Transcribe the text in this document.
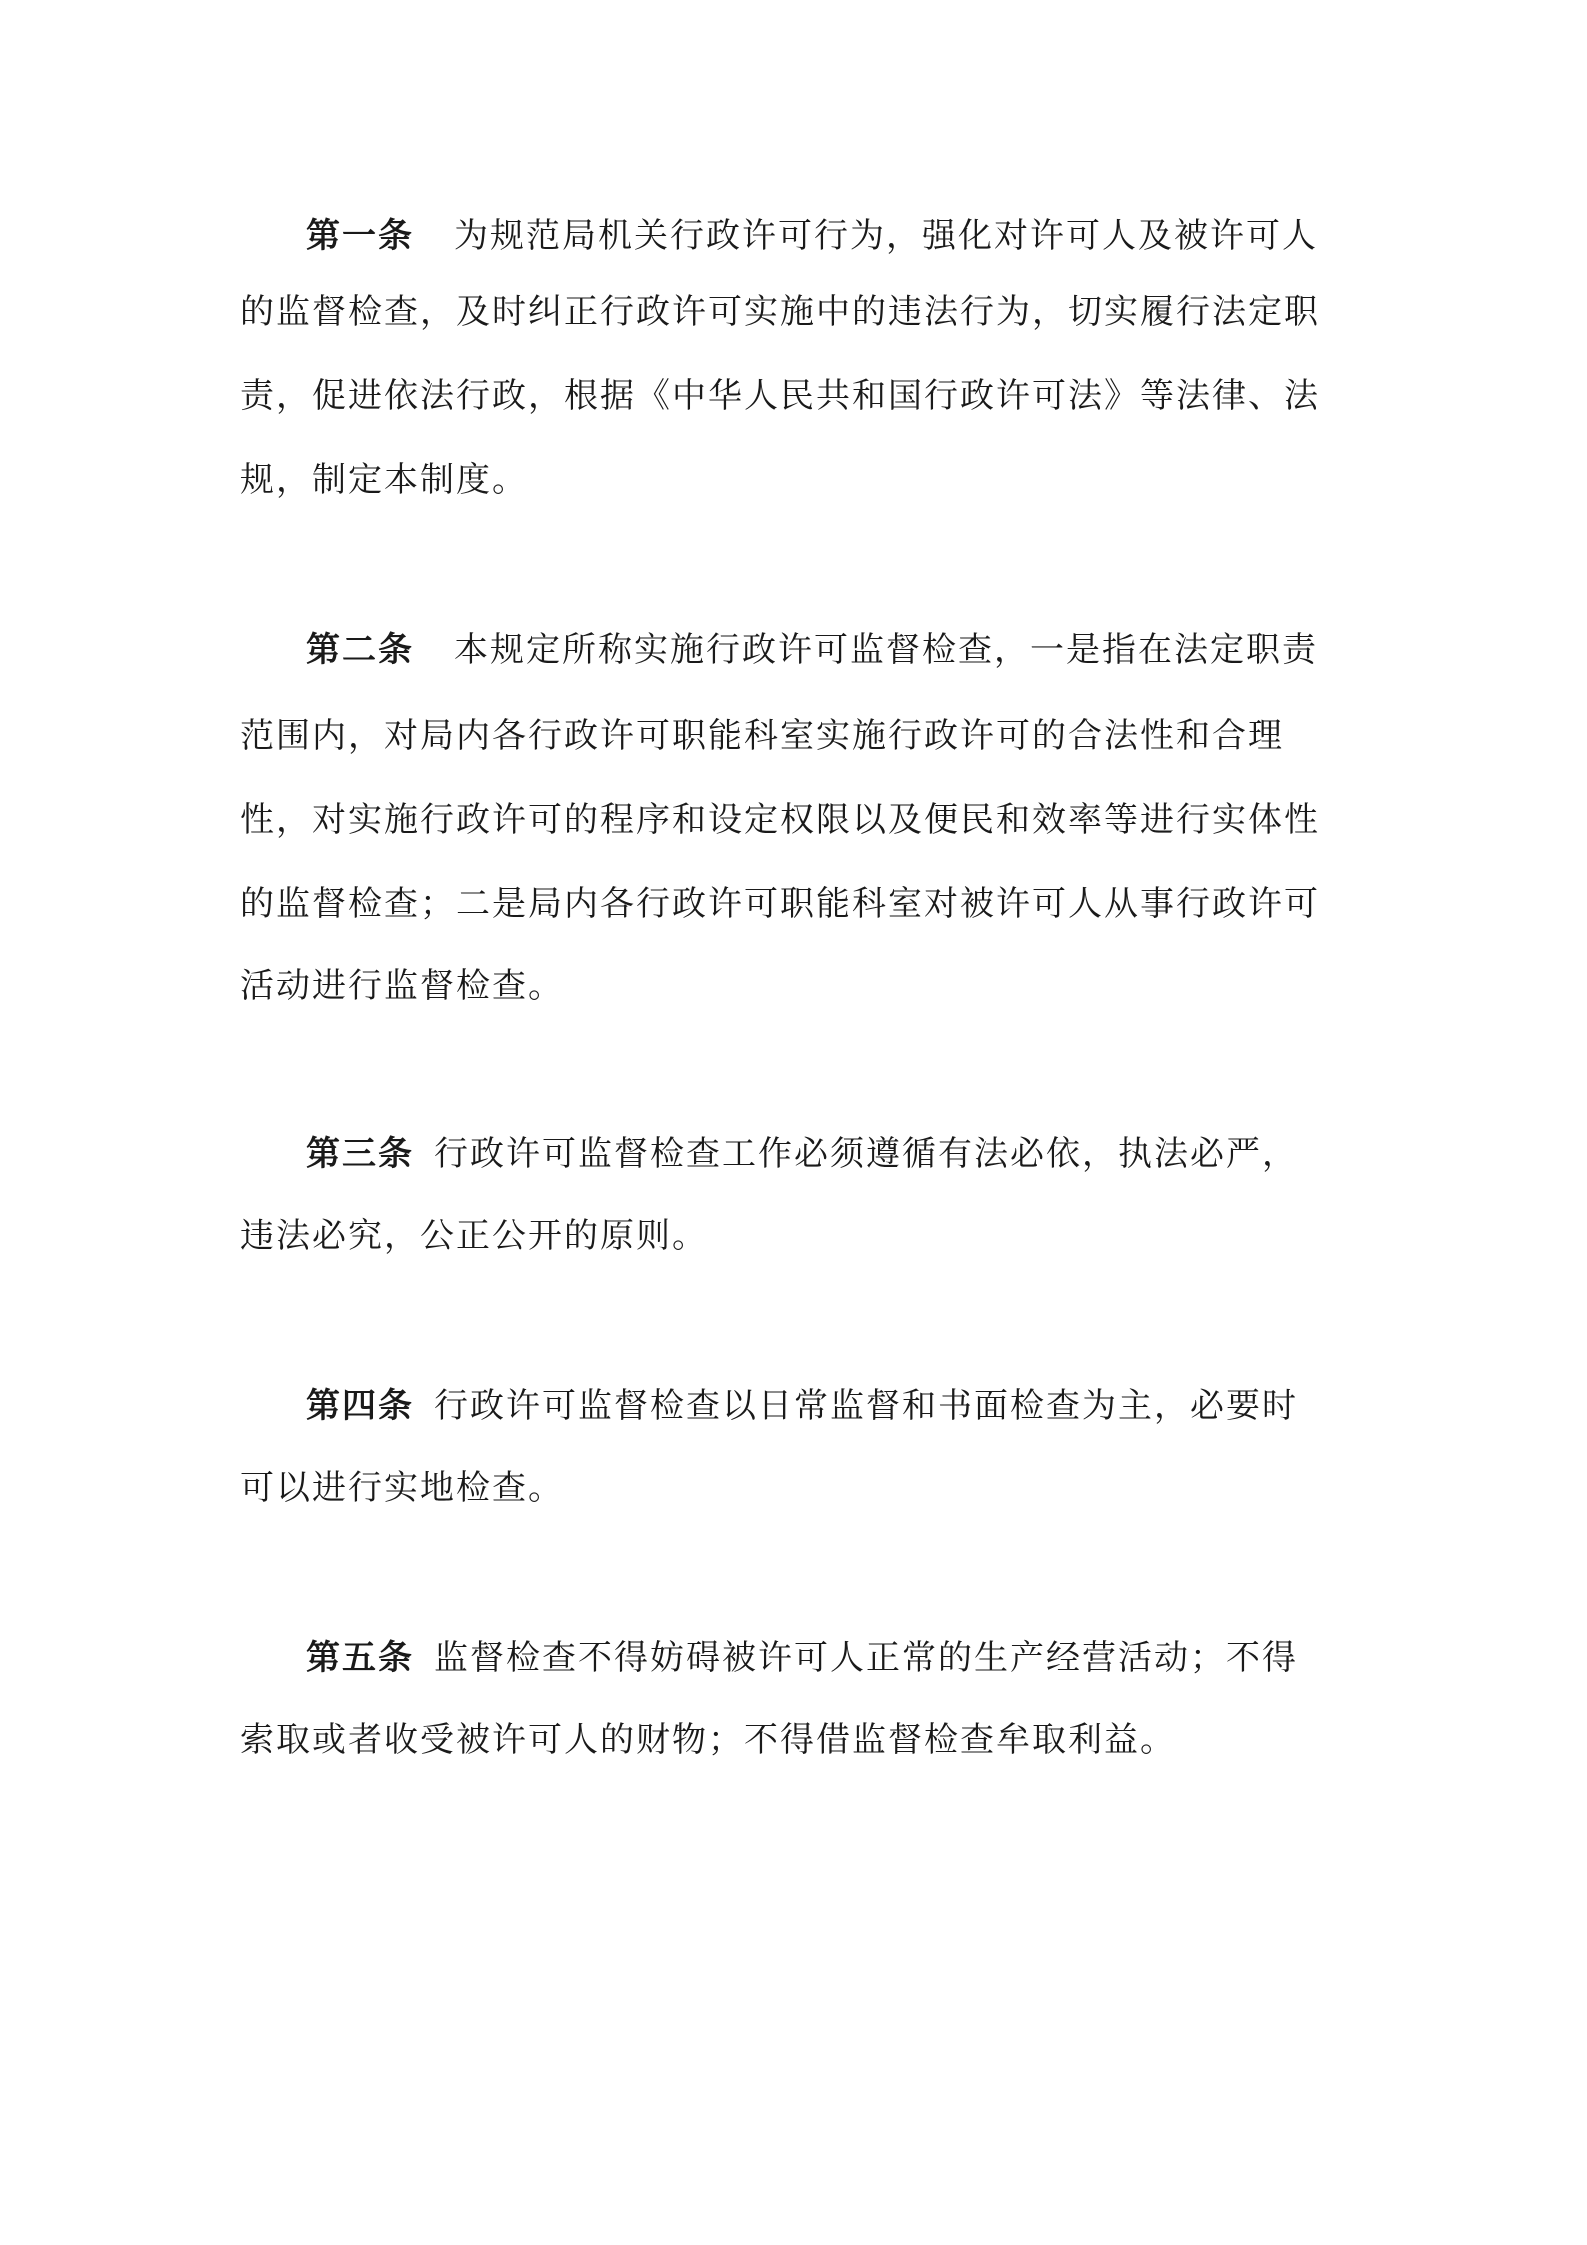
第一条 为规范局机关行政许可行为，强化对许可人及被许可人
的监督检查，及时纠正行政许可实施中的违法行为，切实履行法定职
责，促进依法行政，根据《中华人民共和国行政许可法》等法律、法
规，制定本制度。
第二条 本规定所称实施行政许可监督检查，一是指在法定职责
范围内，对局内各行政许可职能科室实施行政许可的合法性和合理
性，对实施行政许可的程序和设定权限以及便民和效率等进行实体性
的监督检查；二是局内各行政许可职能科室对被许可人从事行政许可
活动进行监督检查。
第三条 行政许可监督检查工作必须遵循有法必依，执法必严，
违法必究，公正公开的原则。
第四条 行政许可监督检查以日常监督和书面检查为主，必要时
可以进行实地检查。
第五条 监督检查不得妨碍被许可人正常的生产经营活动；不得
索取或者收受被许可人的财物；不得借监督检查牟取利益。
